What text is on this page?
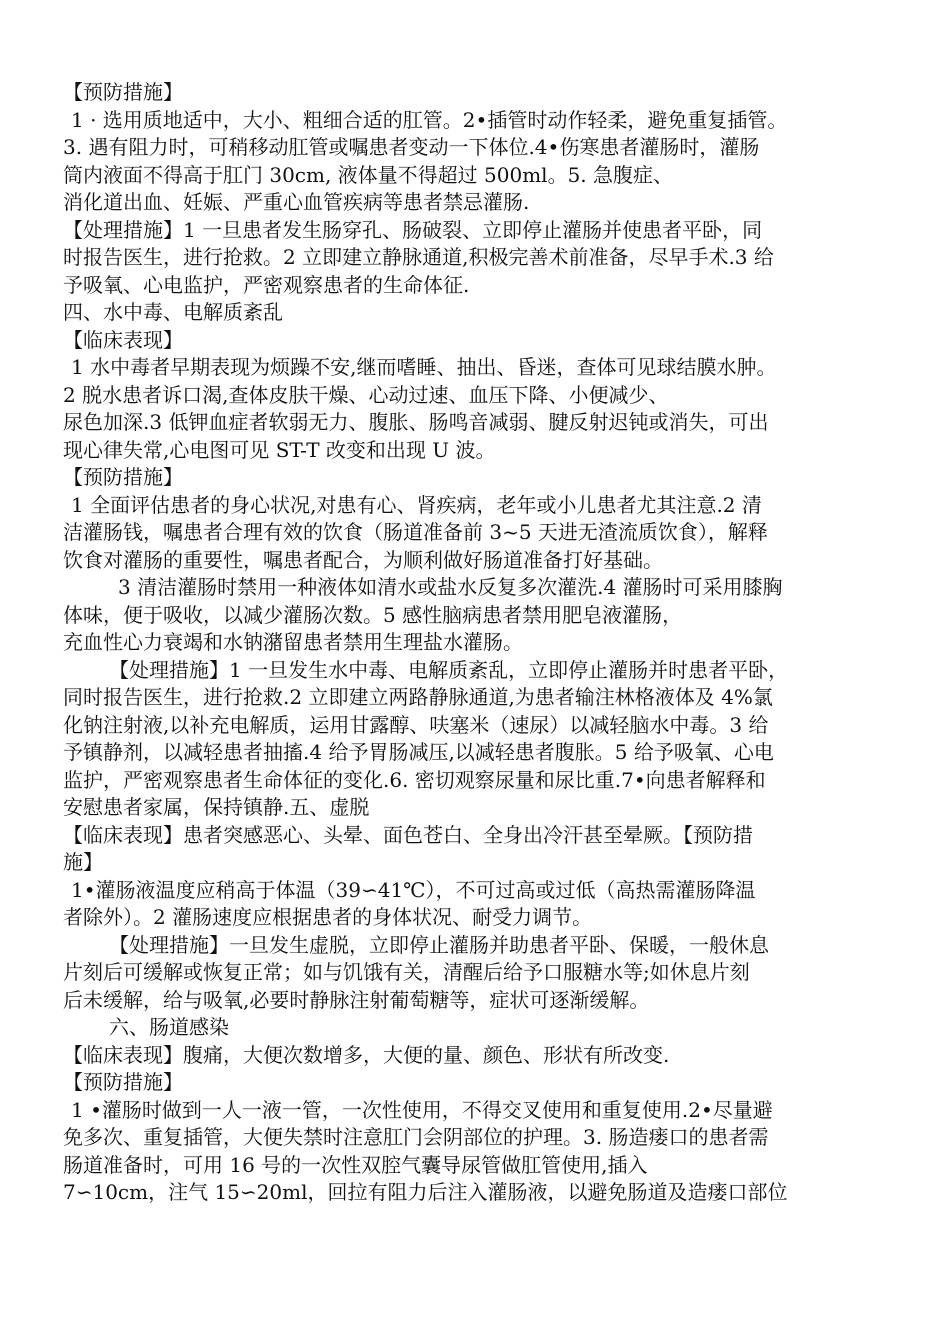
【预防措施】
1 · 选用质地适中，大小、粗细合适的肛管。2•插管时动作轻柔，避免重复插管。
3. 遇有阻力时，可稍移动肛管或嘱患者变动一下体位.4•伤寒患者灌肠时，灌肠
筒内液面不得高于肛门 30cm, 液体量不得超过 500ml。5. 急腹症、
消化道出血、妊娠、严重心血管疾病等患者禁忌灌肠.
【处理措施】1 一旦患者发生肠穿孔、肠破裂、立即停止灌肠并使患者平卧，同
时报告医生，进行抢救。2 立即建立静脉通道,积极完善术前准备，尽早手术.3 给
予吸氧、心电监护，严密观察患者的生命体征.
四、水中毒、电解质紊乱
【临床表现】
1 水中毒者早期表现为烦躁不安,继而嗜睡、抽出、昏迷，查体可见球结膜水肿。
2 脱水患者诉口渴,查体皮肤干燥、心动过速、血压下降、小便减少、
尿色加深.3 低钾血症者软弱无力、腹胀、肠鸣音减弱、腱反射迟钝或消失，可出
现心律失常,心电图可见 ST-T 改变和出现 U 波。
【预防措施】
1 全面评估患者的身心状况,对患有心、肾疾病，老年或小儿患者尤其注意.2 清
洁灌肠钱，嘱患者合理有效的饮食（肠道准备前 3~5 天进无渣流质饮食），解释
饮食对灌肠的重要性，嘱患者配合，为顺利做好肠道准备打好基础。
3 清洁灌肠时禁用一种液体如清水或盐水反复多次灌洗.4 灌肠时可采用膝胸
体味，便于吸收，以减少灌肠次数。5 感性脑病患者禁用肥皂液灌肠，
充血性心力衰竭和水钠潴留患者禁用生理盐水灌肠。
【处理措施】1 一旦发生水中毒、电解质紊乱，立即停止灌肠并时患者平卧，
同时报告医生，进行抢救.2 立即建立两路静脉通道,为患者输注林格液体及 4%氯
化钠注射液,以补充电解质，运用甘露醇、呋塞米（速尿）以减轻脑水中毒。3 给
予镇静剂，以减轻患者抽搐.4 给予胃肠减压,以减轻患者腹胀。5 给予吸氧、心电
监护，严密观察患者生命体征的变化.6. 密切观察尿量和尿比重.7•向患者解释和
安慰患者家属，保持镇静.五、虚脱
【临床表现】患者突感恶心、头晕、面色苍白、全身出冷汗甚至晕厥。【预防措
施】
1•灌肠液温度应稍高于体温（39∽41℃），不可过高或过低（高热需灌肠降温
者除外）。2 灌肠速度应根据患者的身体状况、耐受力调节。
【处理措施】一旦发生虚脱，立即停止灌肠并助患者平卧、保暖，一般休息
片刻后可缓解或恢复正常；如与饥饿有关，清醒后给予口服糖水等;如休息片刻
后未缓解，给与吸氧,必要时静脉注射葡萄糖等，症状可逐渐缓解。
六、肠道感染
【临床表现】腹痛，大便次数增多，大便的量、颜色、形状有所改变.
【预防措施】
1 •灌肠时做到一人一液一管，一次性使用，不得交叉使用和重复使用.2•尽量避
免多次、重复插管，大便失禁时注意肛门会阴部位的护理。3. 肠造瘘口的患者需
肠道准备时，可用 16 号的一次性双腔气囊导尿管做肛管使用,插入
7∽10cm，注气 15∽20ml，回拉有阻力后注入灌肠液，以避免肠道及造瘘口部位
